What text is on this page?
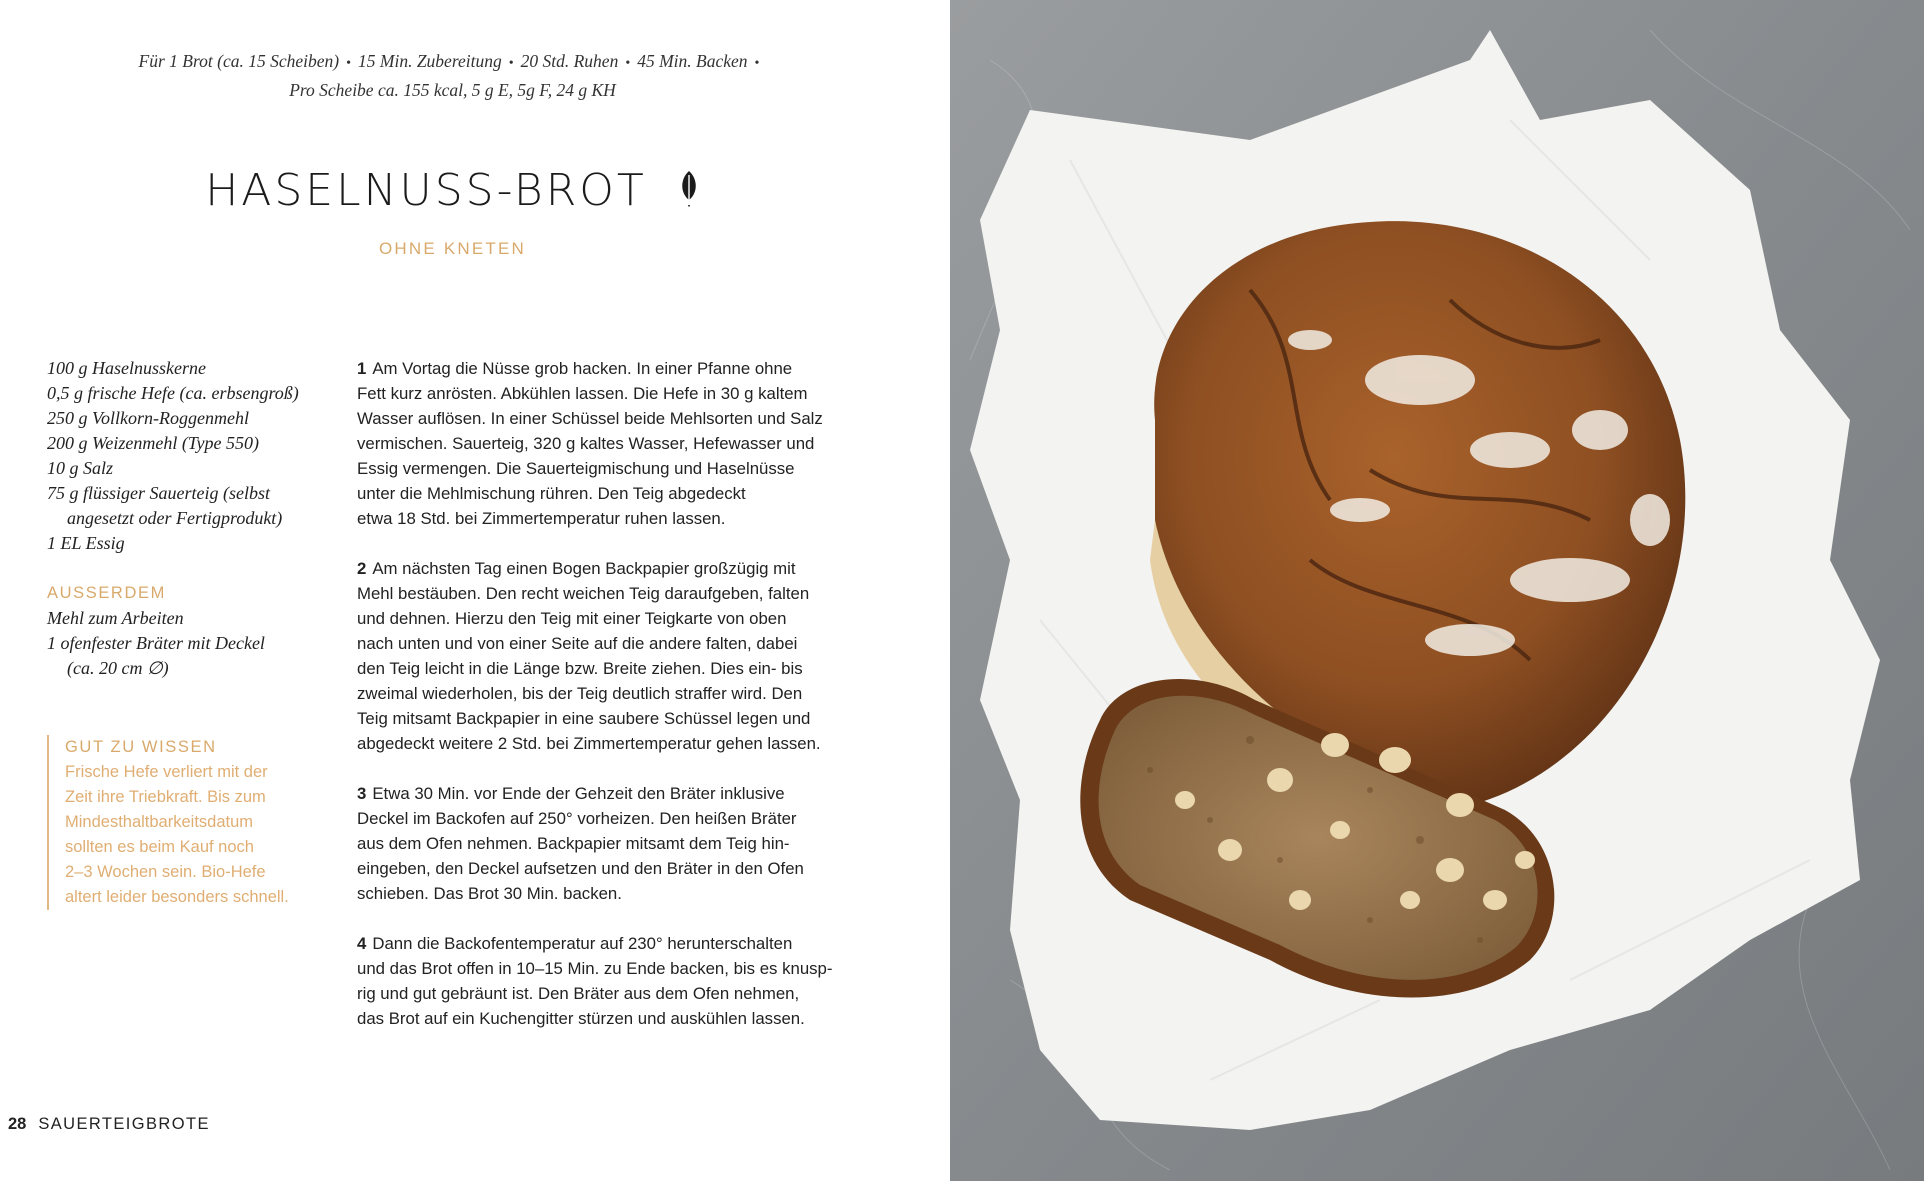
Für 1 Brot (ca. 15 Scheiben) • 15 Min. Zubereitung • 20 Std. Ruhen • 45 Min. Backen •
Pro Scheibe ca. 155 kcal, 5 g E, 5g F, 24 g KH
HASELNUSS-BROT
OHNE KNETEN

100 g Haselnusskerne

0,5 g frische Hefe (ca. erbsengroß)

250 g Vollkorn-Roggenmehl

200 g Weizenmehl (Type 550)

10 g Salz

75 g flüssiger Sauerteig (selbst

angesetzt oder Fertigprodukt)

1 EL Essig

AUSSERDEM

Mehl zum Arbeiten

1 ofenfester Bräter mit Deckel

(ca. 20 cm ∅)

GUT ZU WISSEN
Frische Hefe verliert mit der
Zeit ihre Triebkraft. Bis zum
Mindesthaltbarkeitsdatum
sollten es beim Kauf noch
2–3 Wochen sein. Bio-Hefe
altert leider besonders schnell.
1 Am Vortag die Nüsse grob hacken. In einer Pfanne ohne
Fett kurz anrösten. Abkühlen lassen. Die Hefe in 30 g kaltem
Wasser auflösen. In einer Schüssel beide Mehlsorten und Salz
vermischen. Sauerteig, 320 g kaltes Wasser, Hefewasser und
Essig vermengen. Die Sauerteigmischung und Haselnüsse
unter die Mehlmischung rühren. Den Teig abgedeckt
etwa 18 Std. bei Zimmertemperatur ruhen lassen.
2 Am nächsten Tag einen Bogen Backpapier großzügig mit
Mehl bestäuben. Den recht weichen Teig daraufgeben, falten
und dehnen. Hierzu den Teig mit einer Teigkarte von oben
nach unten und von einer Seite auf die andere falten, dabei
den Teig leicht in die Länge bzw. Breite ziehen. Dies ein- bis
zweimal wiederholen, bis der Teig deutlich straffer wird. Den
Teig mitsamt Backpapier in eine saubere Schüssel legen und
abgedeckt weitere 2 Std. bei Zimmertemperatur gehen lassen.
3 Etwa 30 Min. vor Ende der Gehzeit den Bräter inklusive
Deckel im Backofen auf 250° vorheizen. Den heißen Bräter
aus dem Ofen nehmen. Backpapier mitsamt dem Teig hin-
eingeben, den Deckel aufsetzen und den Bräter in den Ofen
schieben. Das Brot 30 Min. backen.
4 Dann die Backofentemperatur auf 230° herunterschalten
und das Brot offen in 10–15 Min. zu Ende backen, bis es knusp-
rig und gut gebräunt ist. Den Bräter aus dem Ofen nehmen,
das Brot auf ein Kuchengitter stürzen und auskühlen lassen.
28 SAUERTEIGBROTE
